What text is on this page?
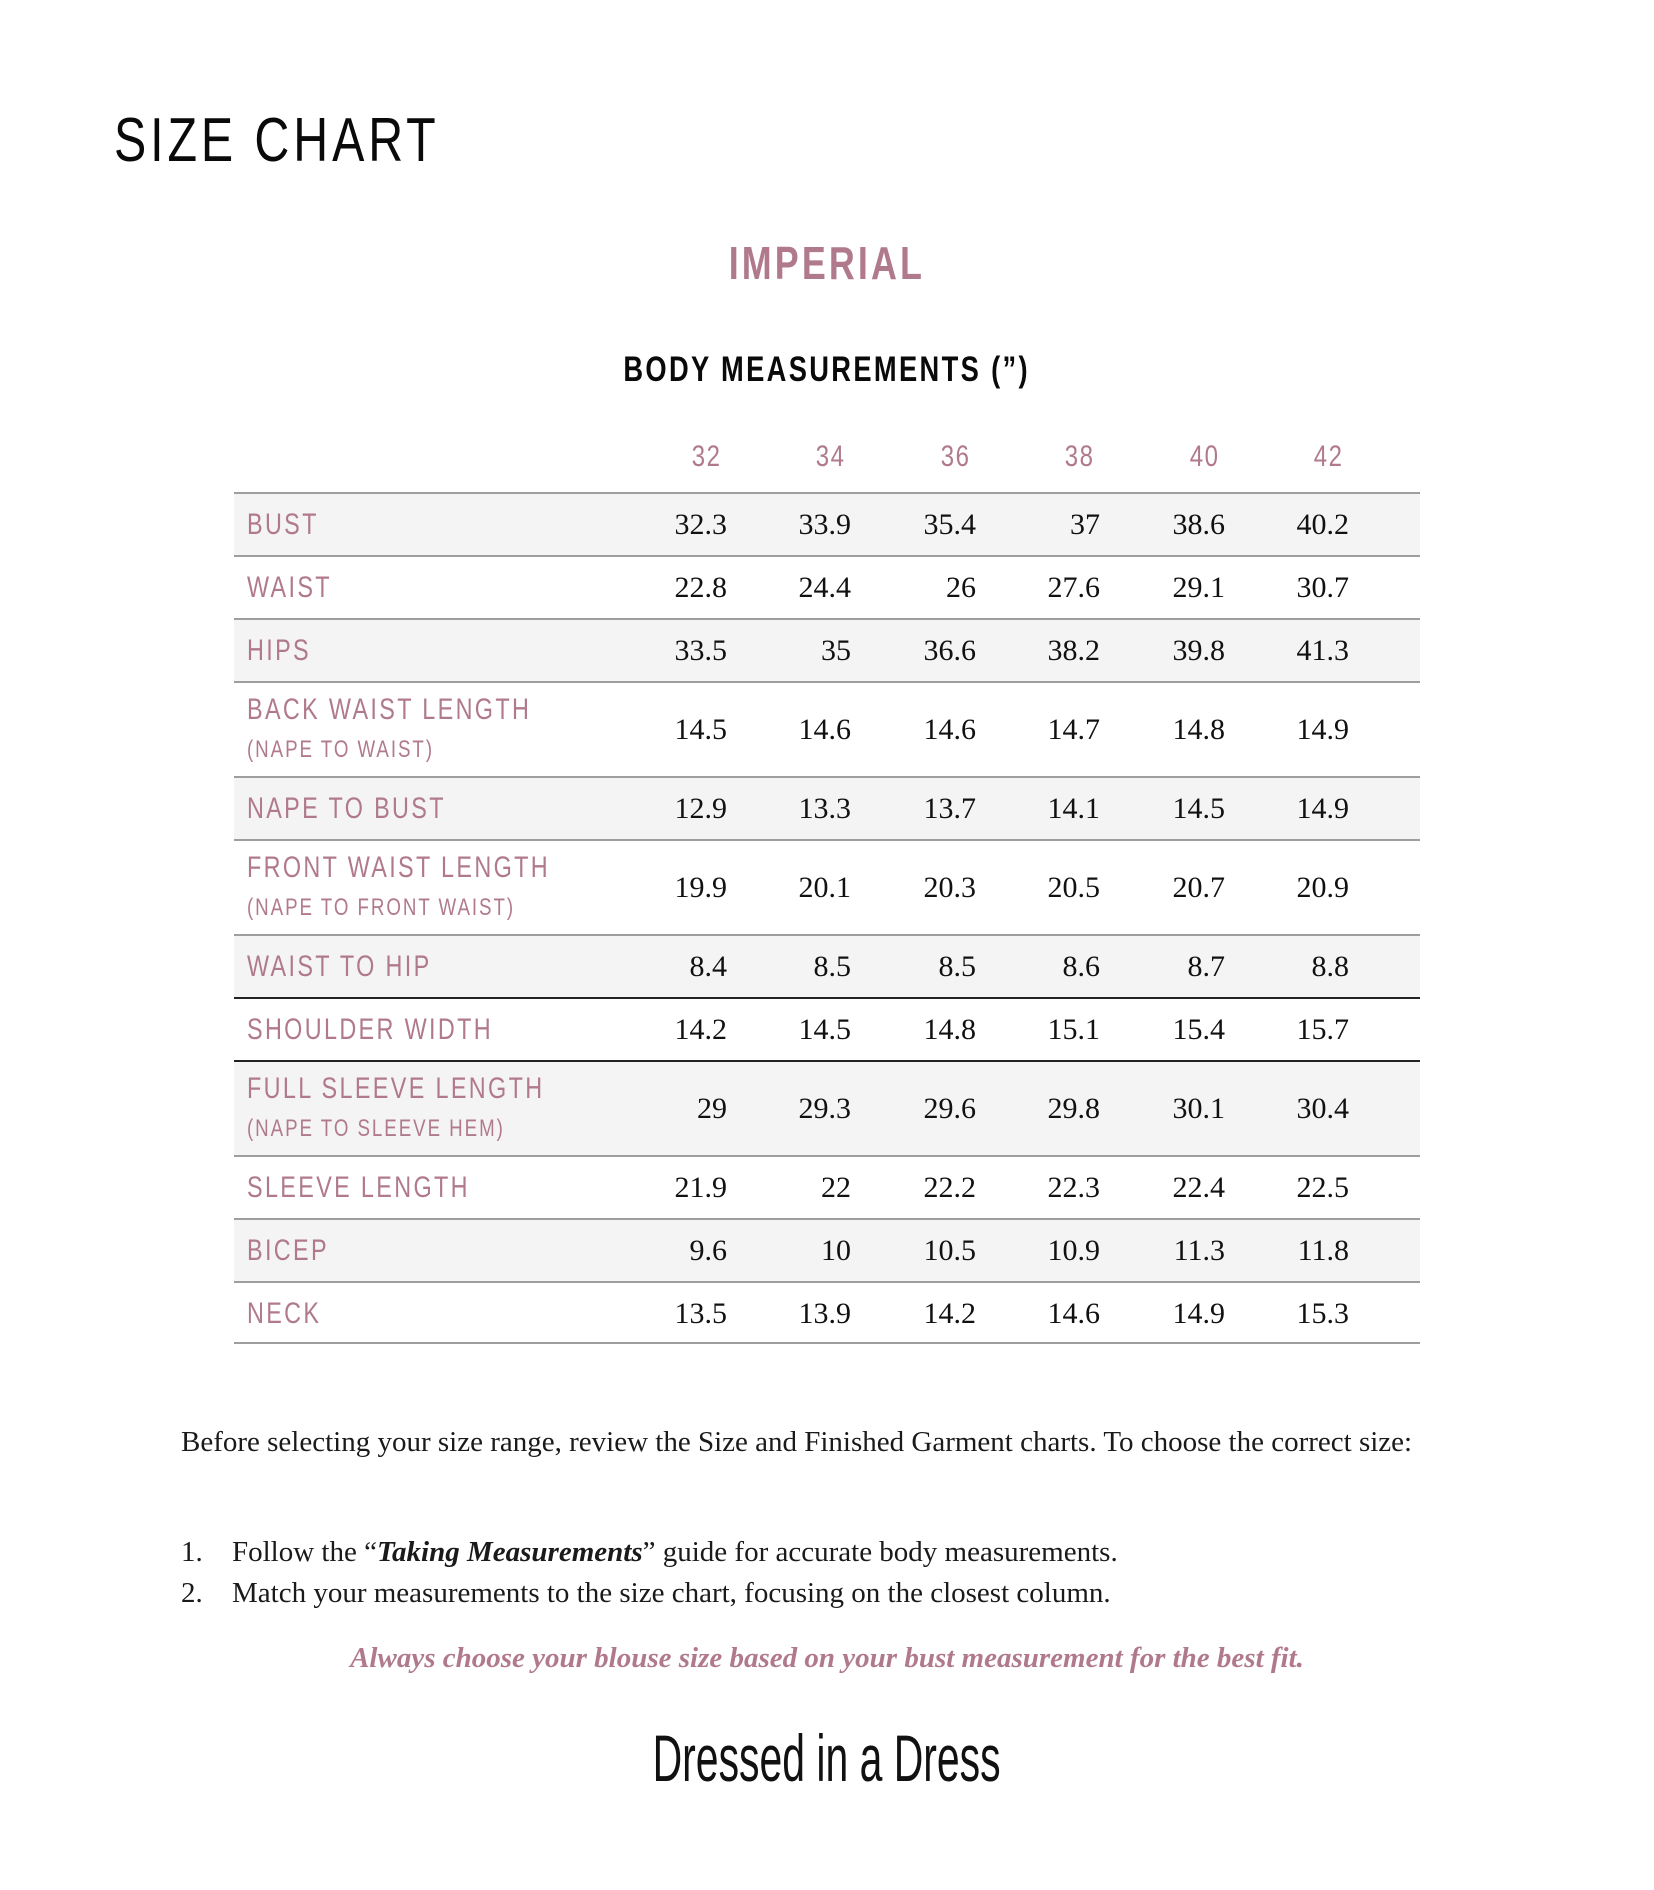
SIZE CHART
IMPERIAL
BODY MEASUREMENTS (”)
32	34	36	38	40	42
BUST	32.3	33.9	35.4	37	38.6	40.2
WAIST	22.8	24.4	26	27.6	29.1	30.7
HIPS	33.5	35	36.6	38.2	39.8	41.3
BACK WAIST LENGTH
(NAPE TO WAIST)
14.5	14.6	14.6	14.7	14.8	14.9
NAPE TO BUST	12.9	13.3	13.7	14.1	14.5	14.9
FRONT WAIST LENGTH
(NAPE TO FRONT WAIST)
19.9	20.1	20.3	20.5	20.7	20.9
WAIST TO HIP	8.4	8.5	8.5	8.6	8.7	8.8
SHOULDER WIDTH	14.2	14.5	14.8	15.1	15.4	15.7
FULL SLEEVE LENGTH
(NAPE TO SLEEVE HEM)
29	29.3	29.6	29.8	30.1	30.4
SLEEVE LENGTH	21.9	22	22.2	22.3	22.4	22.5
BICEP	9.6	10	10.5	10.9	11.3	11.8
NECK	13.5	13.9	14.2	14.6	14.9	15.3

Before selecting your size range, review the Size and Finished Garment charts. To choose the correct size:

1. Follow the “Taking Measurements” guide for accurate body measurements.
2. Match your measurements to the size chart, focusing on the closest column.

Always choose your blouse size based on your bust measurement for the best fit.

Dressed in a Dress
